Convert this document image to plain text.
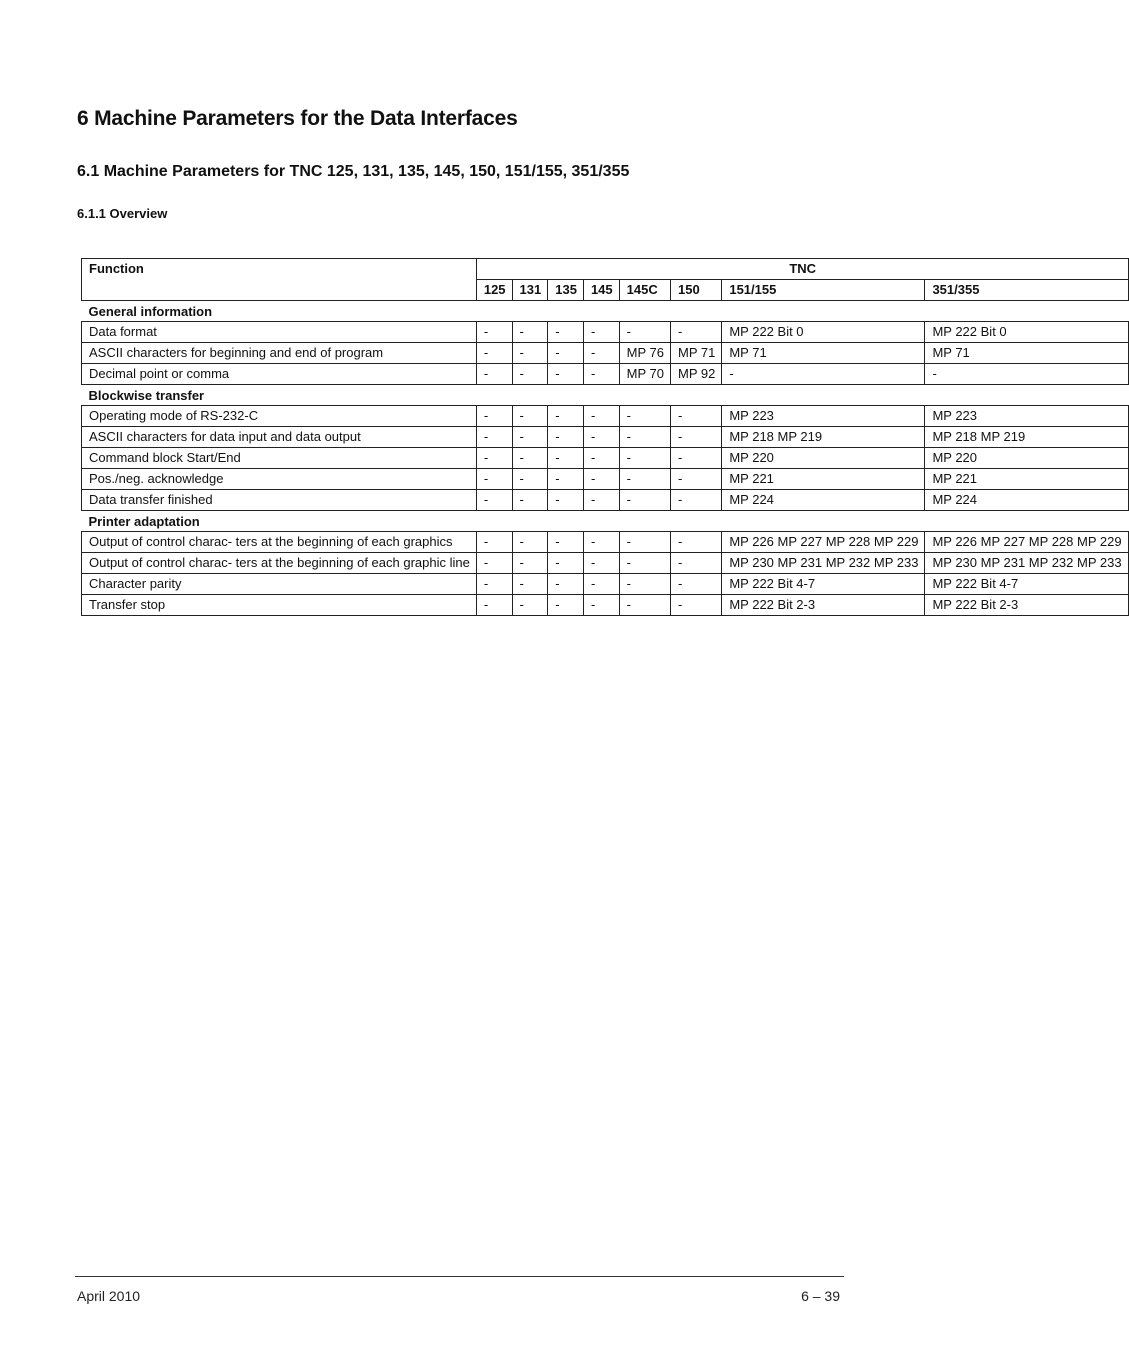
6 Machine Parameters for the Data Interfaces
6.1 Machine Parameters for TNC 125, 131, 135, 145, 150, 151/155, 351/355
6.1.1 Overview
Function	TNC							
	125	131	135	145	145C	150	151/155	351/355
General information								
Data format	-	-	-	-	-	-	MP 222 Bit 0	MP 222 Bit 0
ASCII characters for beginning and end of program	-	-	-	-	MP 76	MP 71	MP 71	MP 71
Decimal point or comma	-	-	-	-	MP 70	MP 92	-	-
Blockwise transfer								
Operating mode of RS-232-C	-	-	-	-	-	-	MP 223	MP 223
ASCII characters for data input and data output	-	-	-	-	-	-	MP 218 MP 219	MP 218 MP 219
Command block Start/End	-	-	-	-	-	-	MP 220	MP 220
Pos./neg. acknowledge	-	-	-	-	-	-	MP 221	MP 221
Data transfer finished	-	-	-	-	-	-	MP 224	MP 224
Printer adaptation								
Output of control charac- ters at the beginning of each graphics	-	-	-	-	-	-	MP 226 MP 227 MP 228 MP 229	MP 226 MP 227 MP 228 MP 229
Output of control charac- ters at the beginning of each graphic line	-	-	-	-	-	-	MP 230 MP 231 MP 232 MP 233	MP 230 MP 231 MP 232 MP 233
Character parity	-	-	-	-	-	-	MP 222 Bit 4-7	MP 222 Bit 4-7
Transfer stop	-	-	-	-	-	-	MP 222 Bit 2-3	MP 222 Bit 2-3
April 2010	6 – 39
